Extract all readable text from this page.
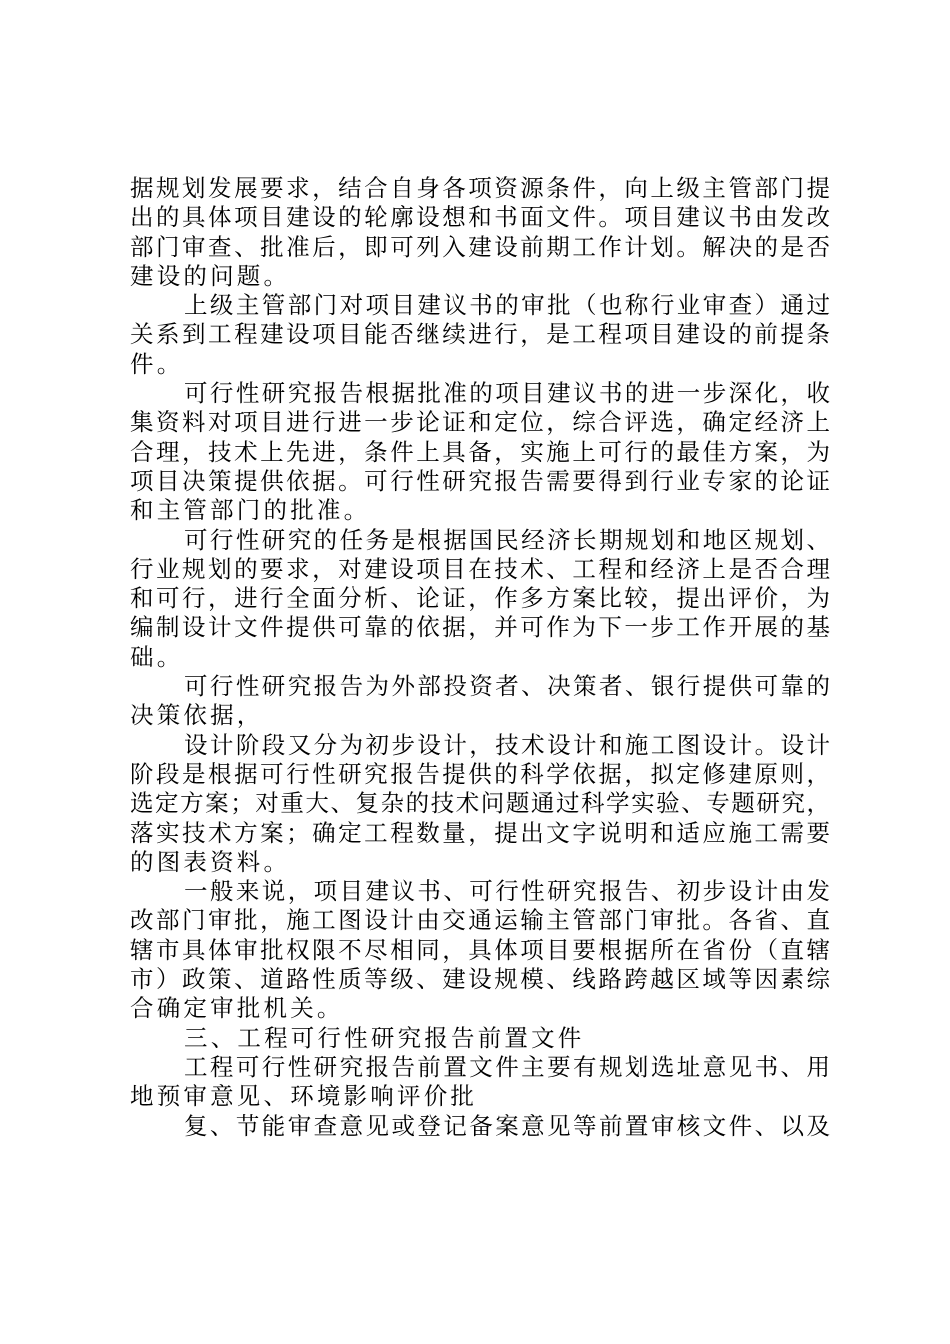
据规划发展要求，结合自身各项资源条件，向上级主管部门提
出的具体项目建设的轮廓设想和书面文件。项目建议书由发改
部门审查、批准后，即可列入建设前期工作计划。解决的是否
建设的问题。
上级主管部门对项目建议书的审批（也称行业审查）通过
关系到工程建设项目能否继续进行，是工程项目建设的前提条
件。
可行性研究报告根据批准的项目建议书的进一步深化，收
集资料对项目进行进一步论证和定位，综合评选，确定经济上
合理，技术上先进，条件上具备，实施上可行的最佳方案，为
项目决策提供依据。可行性研究报告需要得到行业专家的论证
和主管部门的批准。
可行性研究的任务是根据国民经济长期规划和地区规划、
行业规划的要求，对建设项目在技术、工程和经济上是否合理
和可行，进行全面分析、论证，作多方案比较，提出评价，为
编制设计文件提供可靠的依据，并可作为下一步工作开展的基
础。
可行性研究报告为外部投资者、决策者、银行提供可靠的
决策依据，
设计阶段又分为初步设计，技术设计和施工图设计。设计
阶段是根据可行性研究报告提供的科学依据，拟定修建原则，
选定方案；对重大、复杂的技术问题通过科学实验、专题研究，
落实技术方案；确定工程数量，提出文字说明和适应施工需要
的图表资料。
一般来说，项目建议书、可行性研究报告、初步设计由发
改部门审批，施工图设计由交通运输主管部门审批。各省、直
辖市具体审批权限不尽相同，具体项目要根据所在省份（直辖
市）政策、道路性质等级、建设规模、线路跨越区域等因素综
合确定审批机关。
三、工程可行性研究报告前置文件
工程可行性研究报告前置文件主要有规划选址意见书、用
地预审意见、环境影响评价批
复、节能审查意见或登记备案意见等前置审核文件、以及
